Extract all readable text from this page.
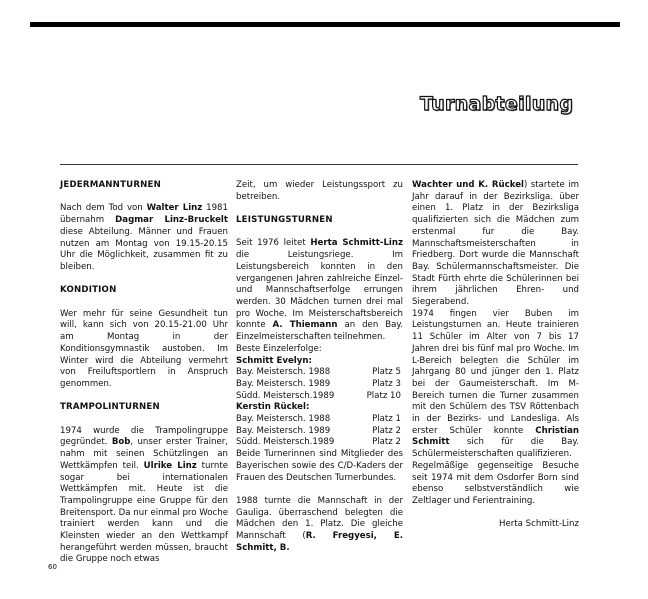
Turnabteilung
JEDERMANNTURNEN
Nach dem Tod von Walter Linz 1981 übernahm Dagmar Linz-Bruckelt diese Abteilung. Männer und Frauen nutzen am Montag von 19.15-20.15 Uhr die Möglichkeit, zusammen fit zu bleiben.
KONDITION
Wer mehr für seine Gesundheit tun will, kann sich von 20.15-21.00 Uhr am Montag in der Konditionsgymnastik austoben. Im Winter wird die Abteilung vermehrt von Freiluftsportlern in Anspruch genommen.
TRAMPOLINTURNEN
1974 wurde die Trampolingruppe gegründet. Bob, unser erster Trainer, nahm mit seinen Schützlingen an Wettkämpfen teil. Ulrike Linz turnte sogar bei internationalen Wettkämpfen mit. Heute ist die Trampolingruppe eine Gruppe für den Breitensport. Da nur einmal pro Woche trainiert werden kann und die Kleinsten wieder an den Wettkampf herangeführt werden müssen, braucht die Gruppe noch etwas
Zeit, um wieder Leistungssport zu betreiben.
LEISTUNGSTURNEN
Seit 1976 leitet Herta Schmitt-Linz die Leistungsriege. Im Leistungsbereich konnten in den vergangenen Jahren zahlreiche Einzel- und Mannschaftserfolge errungen werden. 30 Mädchen turnen drei mal pro Woche. Im Meisterschaftsbereich konnte A. Thiemann an den Bay. Einzelmeisterschaften teilnehmen.
Beste Einzelerfolge:
Schmitt Evelyn:
Bay. Meistersch. 1988	Platz 5
Bay. Meistersch. 1989	Platz 3
Südd. Meistersch.1989	Platz 10
Kerstin Rückel:
Bay. Meistersch. 1988	Platz 1
Bay. Meistersch. 1989	Platz 2
Südd. Meistersch.1989	Platz 2
Beide Turnerinnen sind Mitglieder des Bayerischen sowie des C/D-Kaders der Frauen des Deutschen Turnerbundes.
1988 turnte die Mannschaft in der Gauliga. überraschend belegten die Mädchen den 1. Platz. Die gleiche Mannschaft (R. Fregyesi, E. Schmitt, B.
Wachter und K. Rückel) startete im Jahr darauf in der Bezirksliga. über einen 1. Platz in der Bezirksliga qualifizierten sich die Mädchen zum erstenmal fur die Bay. Mannschaftsmeisterschaften in Friedberg. Dort wurde die Mannschaft Bay. Schülermannschaftsmeister. Die Stadt Fürth ehrte die Schülerinnen bei ihrem jährlichen Ehren- und Siegerabend.
1974 fingen vier Buben im Leistungsturnen an. Heute trainieren 11 Schüler im Alter von 7 bis 17 Jahren drei bis fünf mal pro Woche. Im L-Bereich belegten die Schüler im Jahrgang 80 und jünger den 1. Platz bei der Gaumeisterschaft. Im M-Bereich turnen die Turner zusammen mit den Schülern des TSV Röttenbach in der Bezirks- und Landesliga. Als erster Schüler konnte Christian Schmitt sich für die Bay. Schülermeisterschaften qualifizieren.
Regelmäßige gegenseitige Besuche seit 1974 mit dem Osdorfer Born sind ebenso selbstverständlich wie Zeltlager und Ferientraining.
Herta Schmitt-Linz
60
